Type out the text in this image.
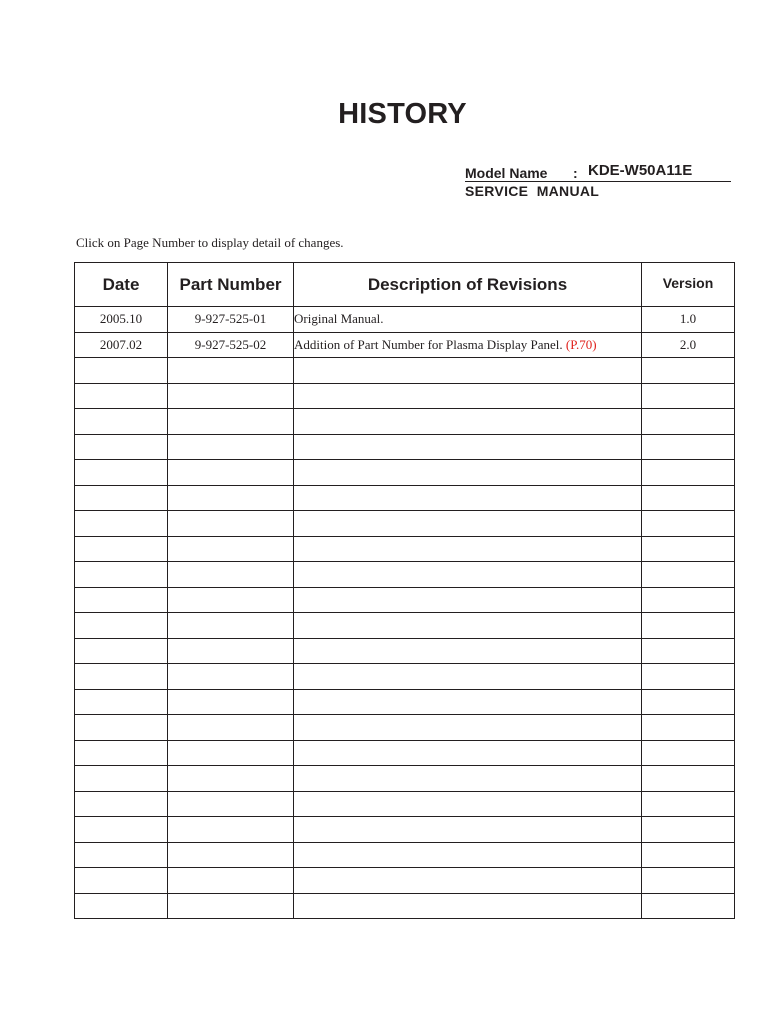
HISTORY
Model Name : KDE-W50A11E
SERVICE  MANUAL
Click on Page Number to display detail of changes.
Date	Part Number	Description of Revisions	Version
2005.10	9-927-525-01	Original Manual.	1.0
2007.02	9-927-525-02	Addition of Part Number for Plasma Display Panel. (P.70)	2.0
